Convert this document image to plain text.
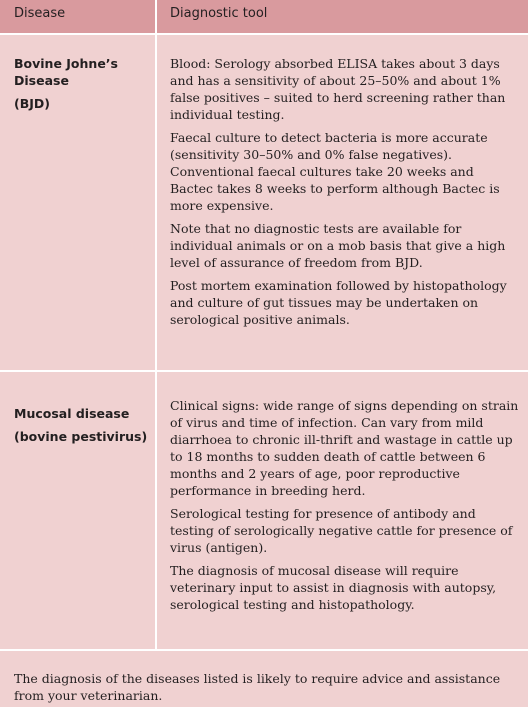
Disease	Diagnostic tool
Bovine Johne’s
Disease
(BJD)

Blood: Serology absorbed ELISA takes about 3 days and has a sensitivity of about 25–50% and about 1% false positives – suited to herd screening rather than individual testing.

Faecal culture to detect bacteria is more accurate (sensitivity 30–50% and 0% false negatives). Conventional faecal cultures take 20 weeks and Bactec takes 8 weeks to perform although Bactec is more expensive.

Note that no diagnostic tests are available for individual animals or on a mob basis that give a high level of assurance of freedom from BJD.

Post mortem examination followed by histopathology and culture of gut tissues may be undertaken on serological positive animals.

Mucosal disease
(bovine pestivirus)

Clinical signs: wide range of signs depending on strain of virus and time of infection. Can vary from mild diarrhoea to chronic ill-thrift and wastage in cattle up to 18 months to sudden death of cattle between 6 months and 2 years of age, poor reproductive performance in breeding herd.

Serological testing for presence of antibody and testing of serologically negative cattle for presence of virus (antigen).

The diagnosis of mucosal disease will require veterinary input to assist in diagnosis with autopsy, serological testing and histopathology.

The diagnosis of the diseases listed is likely to require advice and assistance from your veterinarian.
